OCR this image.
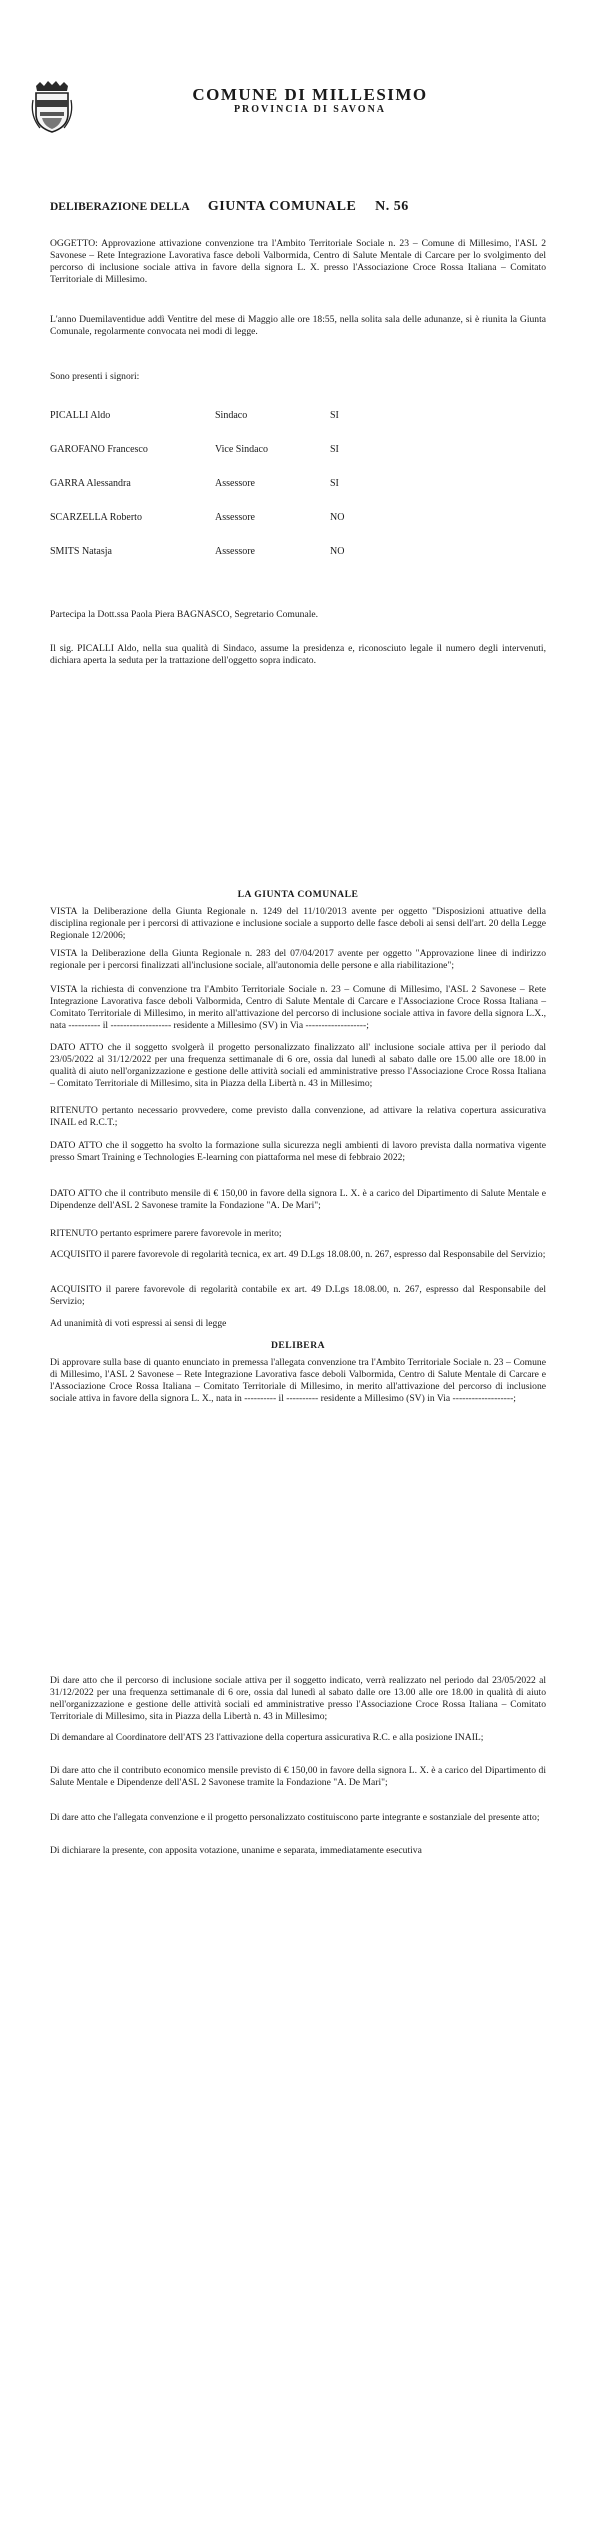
COMUNE DI MILLESIMO
PROVINCIA DI SAVONA
DELIBERAZIONE DELLA GIUNTA COMUNALE N. 56
OGGETTO: Approvazione attivazione convenzione tra l'Ambito Territoriale Sociale n. 23 – Comune di Millesimo, l'ASL 2 Savonese – Rete Integrazione Lavorativa fasce deboli Valbormida, Centro di Salute Mentale di Carcare per lo svolgimento del percorso di inclusione sociale attiva in favore della signora L. X. presso l'Associazione Croce Rossa Italiana – Comitato Territoriale di Millesimo.
L'anno Duemilaventidue addì Ventitre del mese di Maggio alle ore 18:55, nella solita sala delle adunanze, si è riunita la Giunta Comunale, regolarmente convocata nei modi di legge.
Sono presenti i signori:
PICALLI Aldo	Sindaco	SI
GAROFANO Francesco	Vice Sindaco	SI
GARRA Alessandra	Assessore	SI
SCARZELLA Roberto	Assessore	NO
SMITS Natasja	Assessore	NO
Partecipa la Dott.ssa Paola Piera BAGNASCO, Segretario Comunale.
Il sig. PICALLI Aldo, nella sua qualità di Sindaco, assume la presidenza e, riconosciuto legale il numero degli intervenuti, dichiara aperta la seduta per la trattazione dell'oggetto sopra indicato.
LA GIUNTA COMUNALE
VISTA la Deliberazione della Giunta Regionale n. 1249 del 11/10/2013 avente per oggetto "Disposizioni attuative della disciplina regionale per i percorsi di attivazione e inclusione sociale a supporto delle fasce deboli ai sensi dell'art. 20 della Legge Regionale 12/2006;
VISTA la Deliberazione della Giunta Regionale n. 283 del 07/04/2017 avente per oggetto "Approvazione linee di indirizzo regionale per i percorsi finalizzati all'inclusione sociale, all'autonomia delle persone e alla riabilitazione";
VISTA la richiesta di convenzione tra l'Ambito Territoriale Sociale n. 23 – Comune di Millesimo, l'ASL 2 Savonese – Rete Integrazione Lavorativa fasce deboli Valbormida, Centro di Salute Mentale di Carcare e l'Associazione Croce Rossa Italiana – Comitato Territoriale di Millesimo, in merito all'attivazione del percorso di inclusione sociale attiva in favore della signora L.X., nata ---------- il ------------------- residente a Millesimo (SV) in Via -------------------;
DATO ATTO che il soggetto svolgerà il progetto personalizzato finalizzato all' inclusione sociale attiva per il periodo dal 23/05/2022 al 31/12/2022 per una frequenza settimanale di 6 ore, ossia dal lunedì al sabato dalle ore 15.00 alle ore 18.00 in qualità di aiuto nell'organizzazione e gestione delle attività sociali ed amministrative presso l'Associazione Croce Rossa Italiana – Comitato Territoriale di Millesimo, sita in Piazza della Libertà n. 43 in Millesimo;
RITENUTO pertanto necessario provvedere, come previsto dalla convenzione, ad attivare la relativa copertura assicurativa INAIL ed R.C.T.;
DATO ATTO che il soggetto ha svolto la formazione sulla sicurezza negli ambienti di lavoro prevista dalla normativa vigente presso Smart Training e Technologies E-learning con piattaforma nel mese di febbraio 2022;
DATO ATTO che il contributo mensile di € 150,00 in favore della signora L. X. è a carico del Dipartimento di Salute Mentale e Dipendenze dell'ASL 2 Savonese tramite la Fondazione "A. De Mari";
RITENUTO pertanto esprimere parere favorevole in merito;
ACQUISITO il parere favorevole di regolarità tecnica, ex art. 49 D.Lgs 18.08.00, n. 267, espresso dal Responsabile del Servizio;
ACQUISITO il parere favorevole di regolarità contabile ex art. 49 D.Lgs 18.08.00, n. 267, espresso dal Responsabile del Servizio;
Ad unanimità di voti espressi ai sensi di legge
DELIBERA
Di approvare sulla base di quanto enunciato in premessa l'allegata convenzione tra l'Ambito Territoriale Sociale n. 23 – Comune di Millesimo, l'ASL 2 Savonese – Rete Integrazione Lavorativa fasce deboli Valbormida, Centro di Salute Mentale di Carcare e l'Associazione Croce Rossa Italiana – Comitato Territoriale di Millesimo, in merito all'attivazione del percorso di inclusione sociale attiva in favore della signora L. X., nata in ---------- il ---------- residente a Millesimo (SV) in Via -------------------;
Di dare atto che il percorso di inclusione sociale attiva per il soggetto indicato, verrà realizzato nel periodo dal 23/05/2022 al 31/12/2022 per una frequenza settimanale di 6 ore, ossia dal lunedì al sabato dalle ore 13.00 alle ore 18.00 in qualità di aiuto nell'organizzazione e gestione delle attività sociali ed amministrative presso l'Associazione Croce Rossa Italiana – Comitato Territoriale di Millesimo, sita in Piazza della Libertà n. 43 in Millesimo;
Di demandare al Coordinatore dell'ATS 23 l'attivazione della copertura assicurativa R.C. e alla posizione INAIL;
Di dare atto che il contributo economico mensile previsto di € 150,00 in favore della signora L. X. è a carico del Dipartimento di Salute Mentale e Dipendenze dell'ASL 2 Savonese tramite la Fondazione "A. De Mari";
Di dare atto che l'allegata convenzione e il progetto personalizzato costituiscono parte integrante e sostanziale del presente atto;
Di dichiarare la presente, con apposita votazione, unanime e separata, immediatamente esecutiva
